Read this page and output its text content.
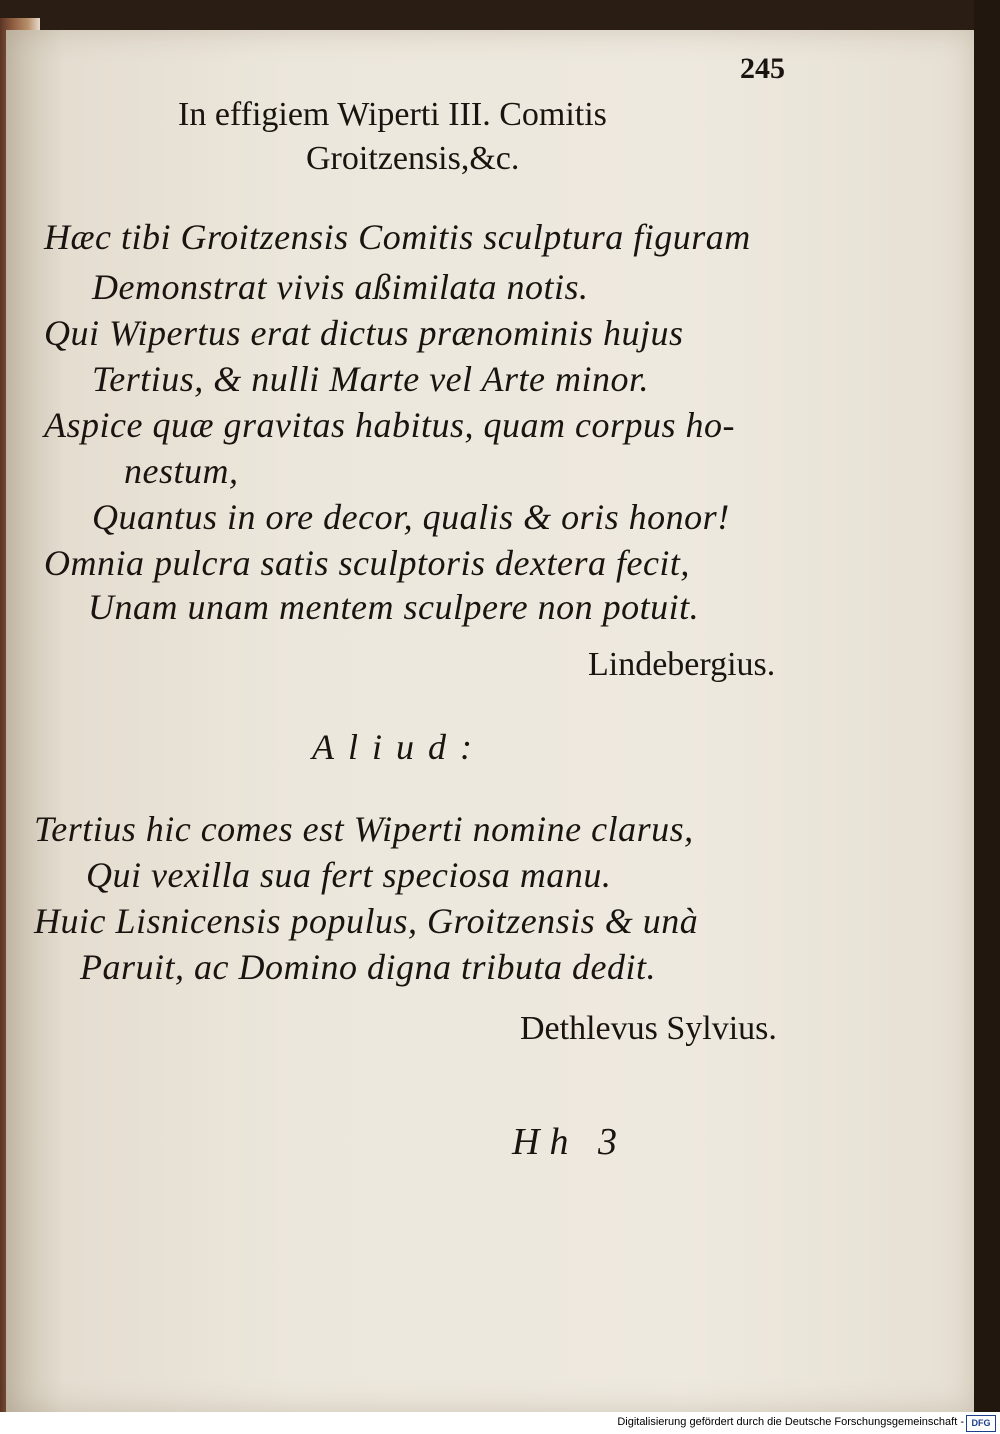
245
In effigiem Wiperti III. Comitis
Groitzensis,&c.
Hæc tibi Groitzensis Comitis sculptura figuram
Demonstrat vivis aßimilata notis.
Qui Wipertus erat dictus prænominis hujus
Tertius, & nulli Marte vel Arte minor.
Aspice quæ gravitas habitus, quam corpus ho-
nestum,
Quantus in ore decor, qualis & oris honor!
Omnia pulcra satis sculptoris dextera fecit,
Unam unam mentem sculpere non potuit.
Lindebergius.
Aliud:
Tertius hic comes est Wiperti nomine clarus,
Qui vexilla sua fert speciosa manu.
Huic Lisnicensis populus, Groitzensis & unà
Paruit, ac Domino digna tributa dedit.
Dethlevus Sylvius.
Hh 3
Digitalisierung gefördert durch die Deutsche Forschungsgemeinschaft - DFG
